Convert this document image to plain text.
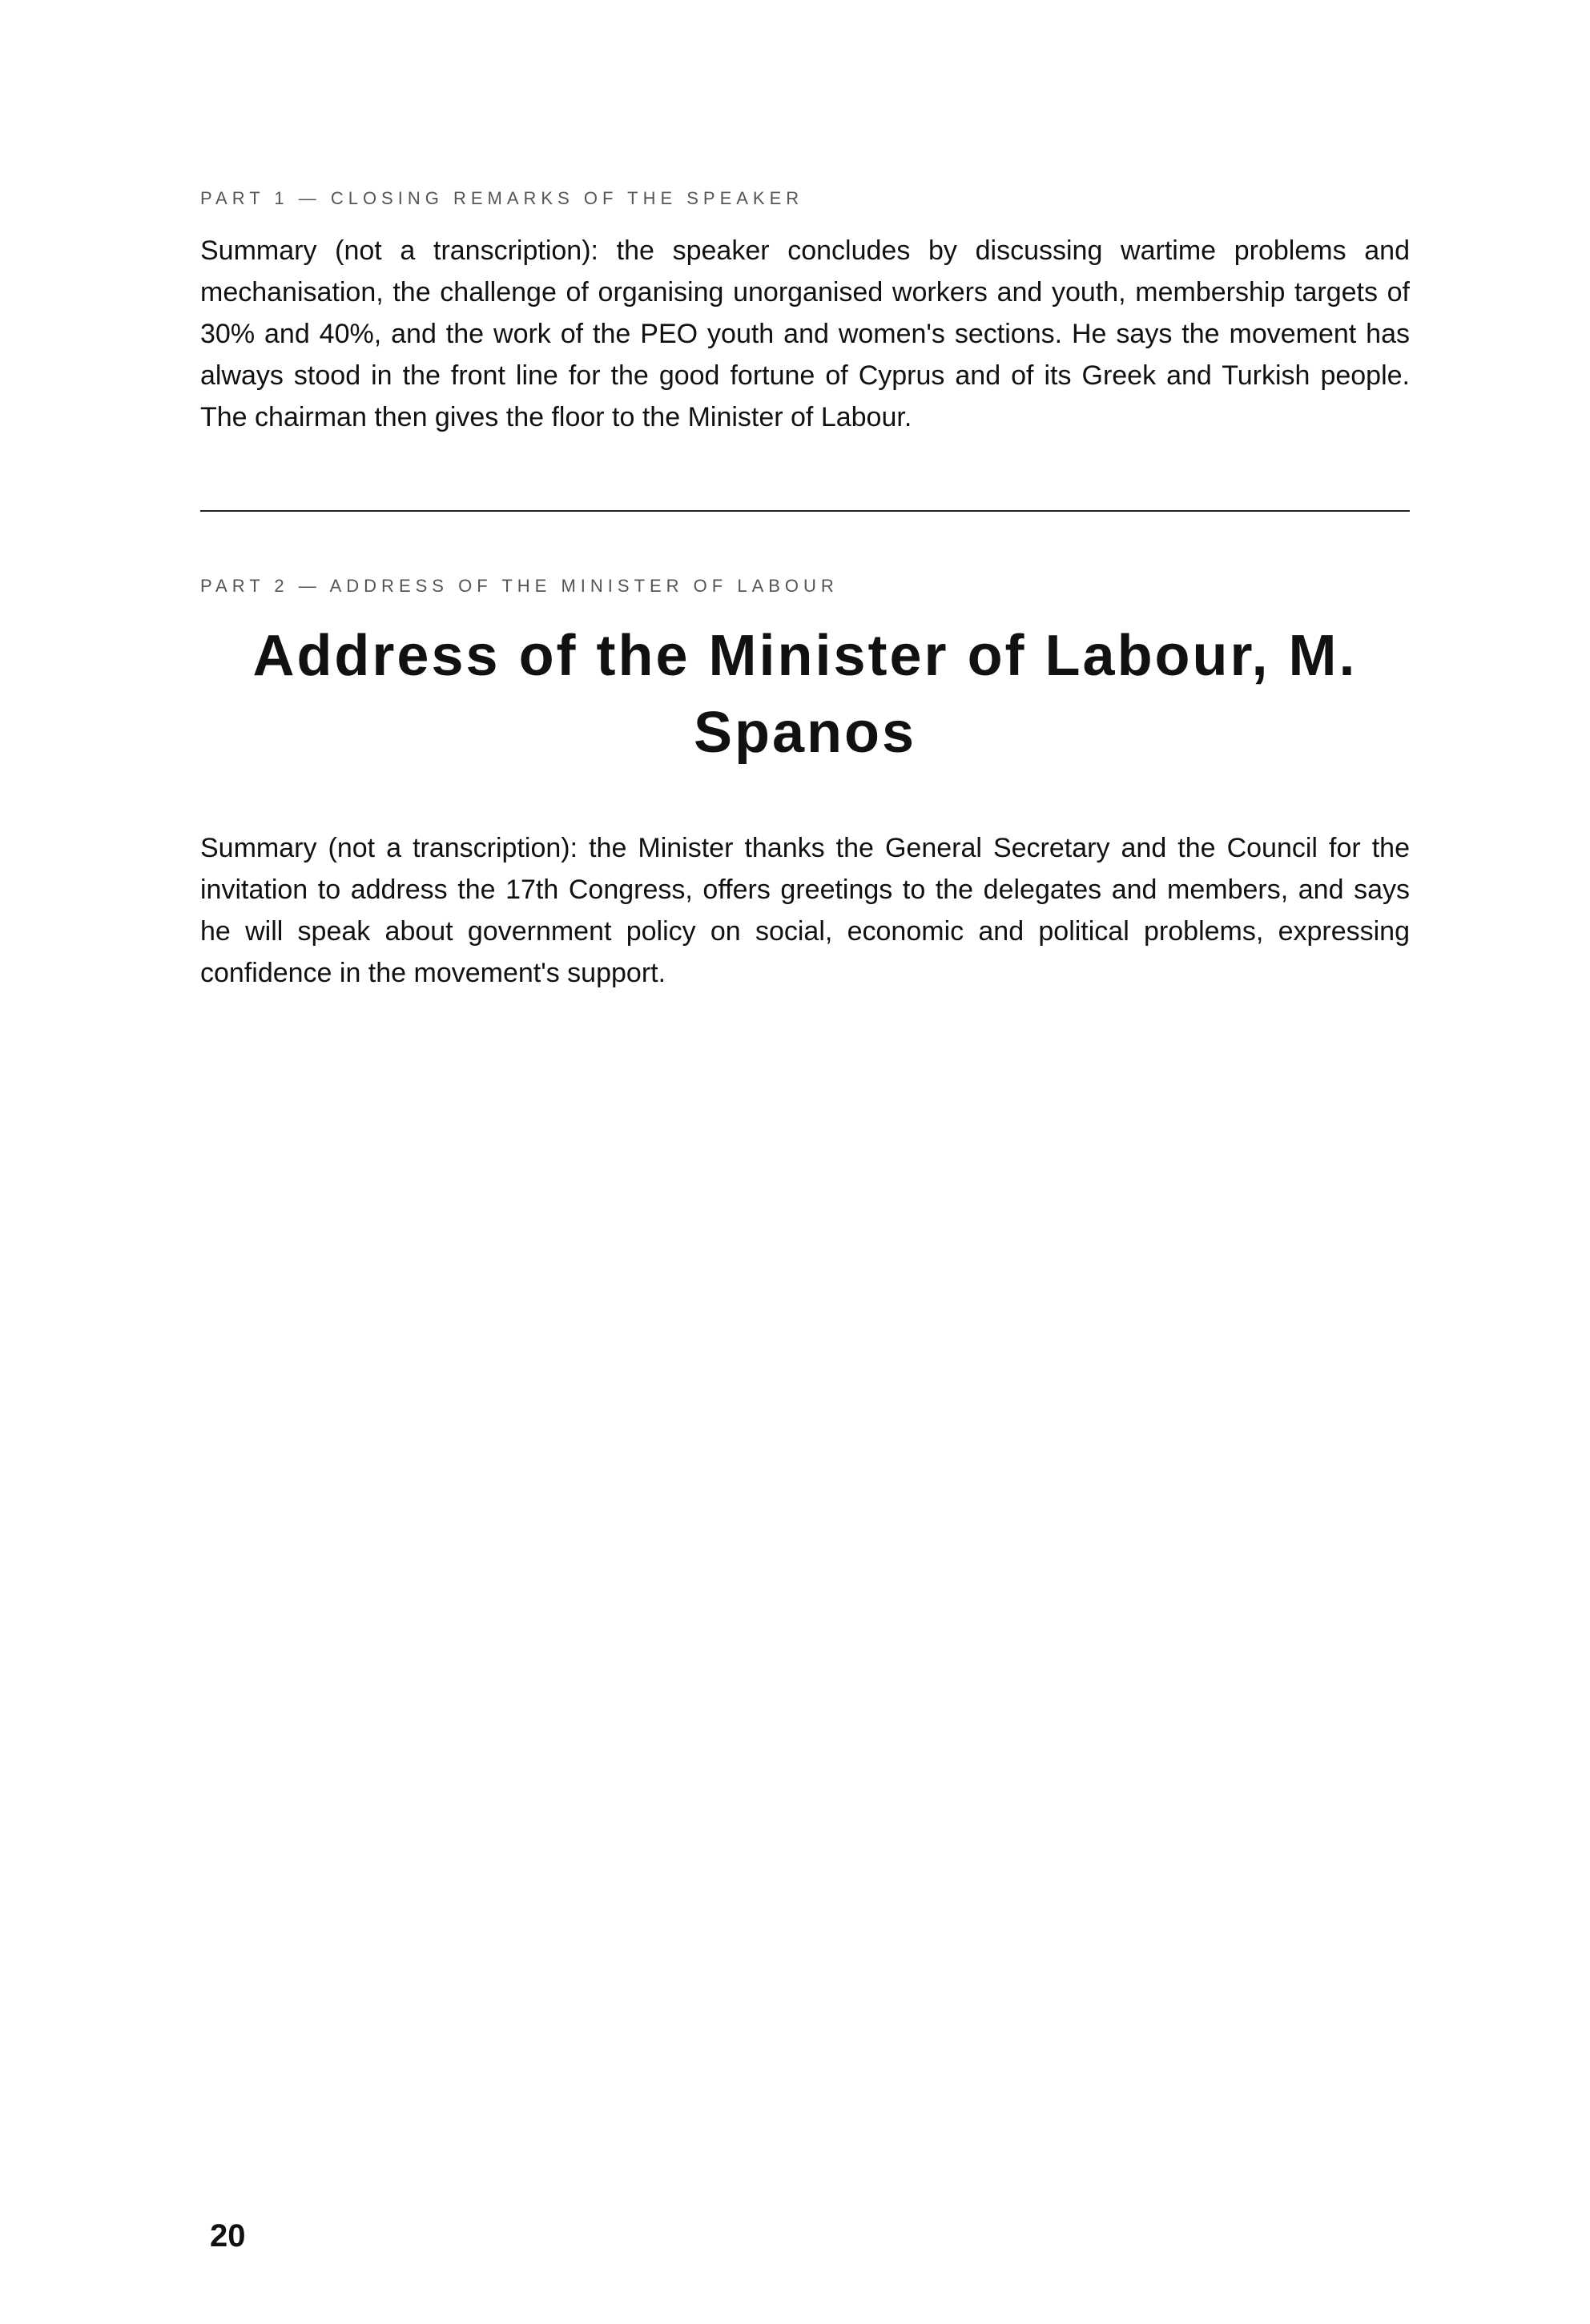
PART 1 — CLOSING REMARKS OF THE SPEAKER

Summary (not a transcription): the speaker concludes by discussing wartime problems and mechanisation, the challenge of organising unorganised workers and youth, membership targets of 30% and 40%, and the work of the PEO youth and women's sections. He says the movement has always stood in the front line for the good fortune of Cyprus and of its Greek and Turkish people. The chairman then gives the floor to the Minister of Labour.

PART 2 — ADDRESS OF THE MINISTER OF LABOUR
Address of the Minister of Labour, M. Spanos

Summary (not a transcription): the Minister thanks the General Secretary and the Council for the invitation to address the 17th Congress, offers greetings to the delegates and members, and says he will speak about government policy on social, economic and political problems, expressing confidence in the movement's support.

20
